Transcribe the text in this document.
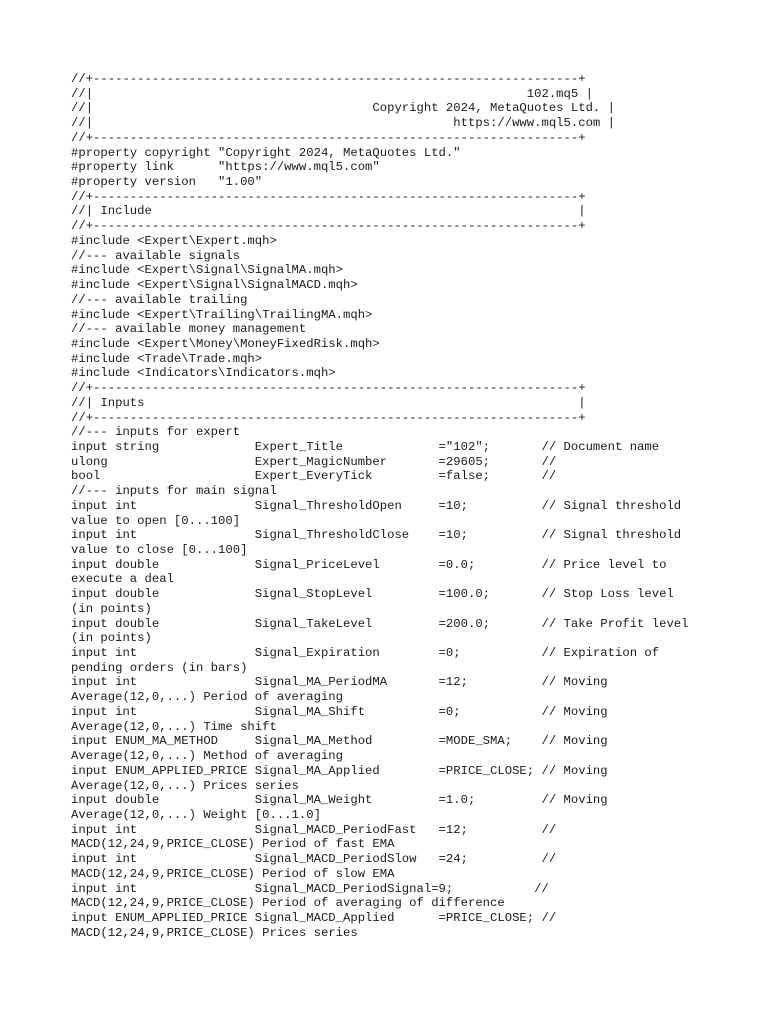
//+------------------------------------------------------------------+
//|                                                           102.mq5 |
//|                                      Copyright 2024, MetaQuotes Ltd. |
//|                                                 https://www.mql5.com |
//+------------------------------------------------------------------+
#property copyright "Copyright 2024, MetaQuotes Ltd."
#property link      "https://www.mql5.com"
#property version   "1.00"
//+------------------------------------------------------------------+
//| Include                                                          |
//+------------------------------------------------------------------+
#include <Expert\Expert.mqh>
//--- available signals
#include <Expert\Signal\SignalMA.mqh>
#include <Expert\Signal\SignalMACD.mqh>
//--- available trailing
#include <Expert\Trailing\TrailingMA.mqh>
//--- available money management
#include <Expert\Money\MoneyFixedRisk.mqh>
#include <Trade\Trade.mqh>
#include <Indicators\Indicators.mqh>
//+------------------------------------------------------------------+
//| Inputs                                                           |
//+------------------------------------------------------------------+
//--- inputs for expert
input string             Expert_Title             ="102";       // Document name
ulong                    Expert_MagicNumber       =29605;       //
bool                     Expert_EveryTick         =false;       //
//--- inputs for main signal
input int                Signal_ThresholdOpen     =10;          // Signal threshold
value to open [0...100]
input int                Signal_ThresholdClose    =10;          // Signal threshold
value to close [0...100]
input double             Signal_PriceLevel        =0.0;         // Price level to
execute a deal
input double             Signal_StopLevel         =100.0;       // Stop Loss level
(in points)
input double             Signal_TakeLevel         =200.0;       // Take Profit level
(in points)
input int                Signal_Expiration        =0;           // Expiration of
pending orders (in bars)
input int                Signal_MA_PeriodMA       =12;          // Moving
Average(12,0,...) Period of averaging
input int                Signal_MA_Shift          =0;           // Moving
Average(12,0,...) Time shift
input ENUM_MA_METHOD     Signal_MA_Method         =MODE_SMA;    // Moving
Average(12,0,...) Method of averaging
input ENUM_APPLIED_PRICE Signal_MA_Applied        =PRICE_CLOSE; // Moving
Average(12,0,...) Prices series
input double             Signal_MA_Weight         =1.0;         // Moving
Average(12,0,...) Weight [0...1.0]
input int                Signal_MACD_PeriodFast   =12;          //
MACD(12,24,9,PRICE_CLOSE) Period of fast EMA
input int                Signal_MACD_PeriodSlow   =24;          //
MACD(12,24,9,PRICE_CLOSE) Period of slow EMA
input int                Signal_MACD_PeriodSignal=9;           //
MACD(12,24,9,PRICE_CLOSE) Period of averaging of difference
input ENUM_APPLIED_PRICE Signal_MACD_Applied      =PRICE_CLOSE; //
MACD(12,24,9,PRICE_CLOSE) Prices series
